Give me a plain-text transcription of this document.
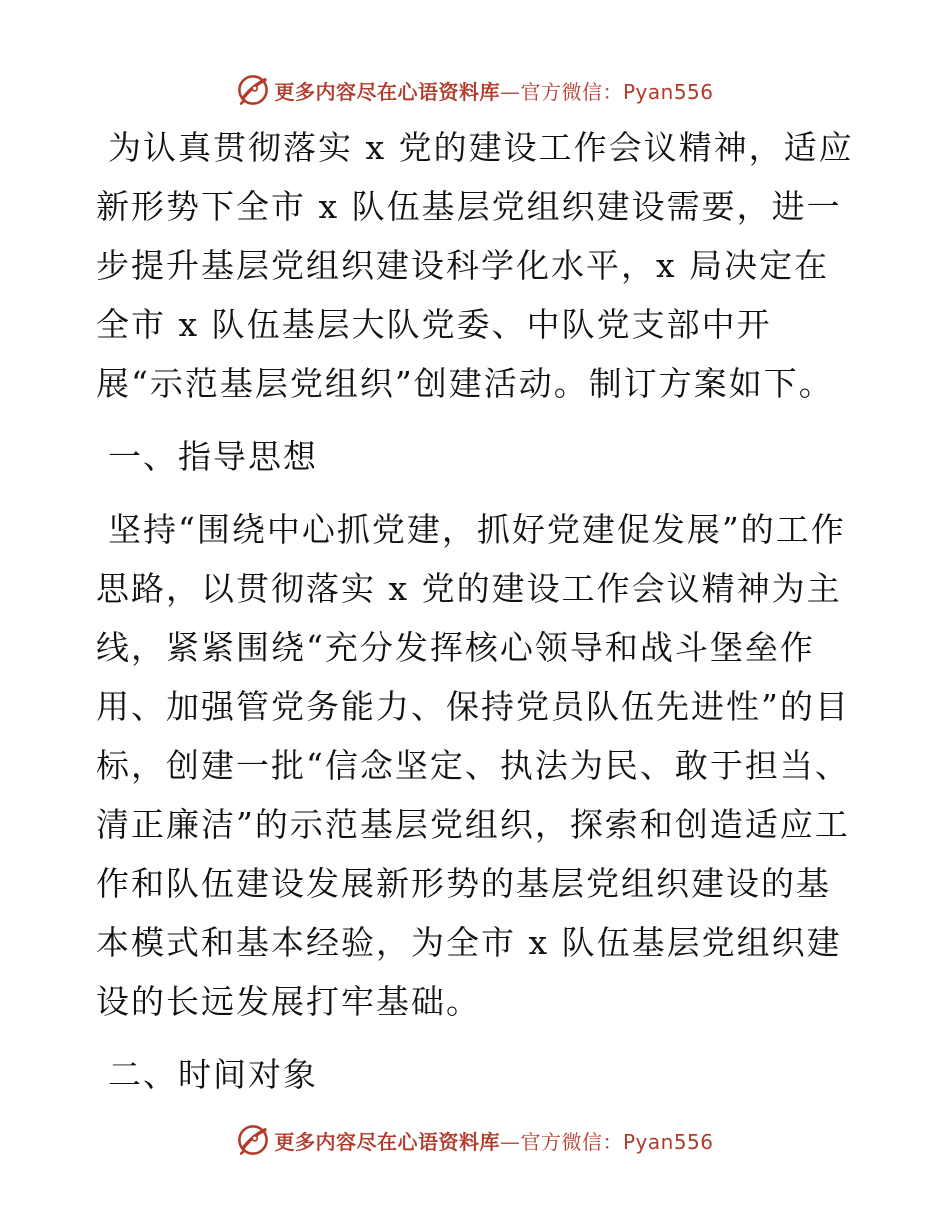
更多内容尽在心语资料库—官方微信：Pyan556

为认真贯彻落实 x 党的建设工作会议精神，适应新形势下全市 x 队伍基层党组织建设需要，进一步提升基层党组织建设科学化水平，x 局决定在全市 x 队伍基层大队党委、中队党支部中开展“示范基层党组织”创建活动。制订方案如下。

一、指导思想

坚持“围绕中心抓党建，抓好党建促发展”的工作思路，以贯彻落实 x 党的建设工作会议精神为主线，紧紧围绕“充分发挥核心领导和战斗堡垒作用、加强管党务能力、保持党员队伍先进性”的目标，创建一批“信念坚定、执法为民、敢于担当、清正廉洁”的示范基层党组织，探索和创造适应工作和队伍建设发展新形势的基层党组织建设的基本模式和基本经验，为全市 x 队伍基层党组织建设的长远发展打牢基础。

二、时间对象

更多内容尽在心语资料库—官方微信：Pyan556
